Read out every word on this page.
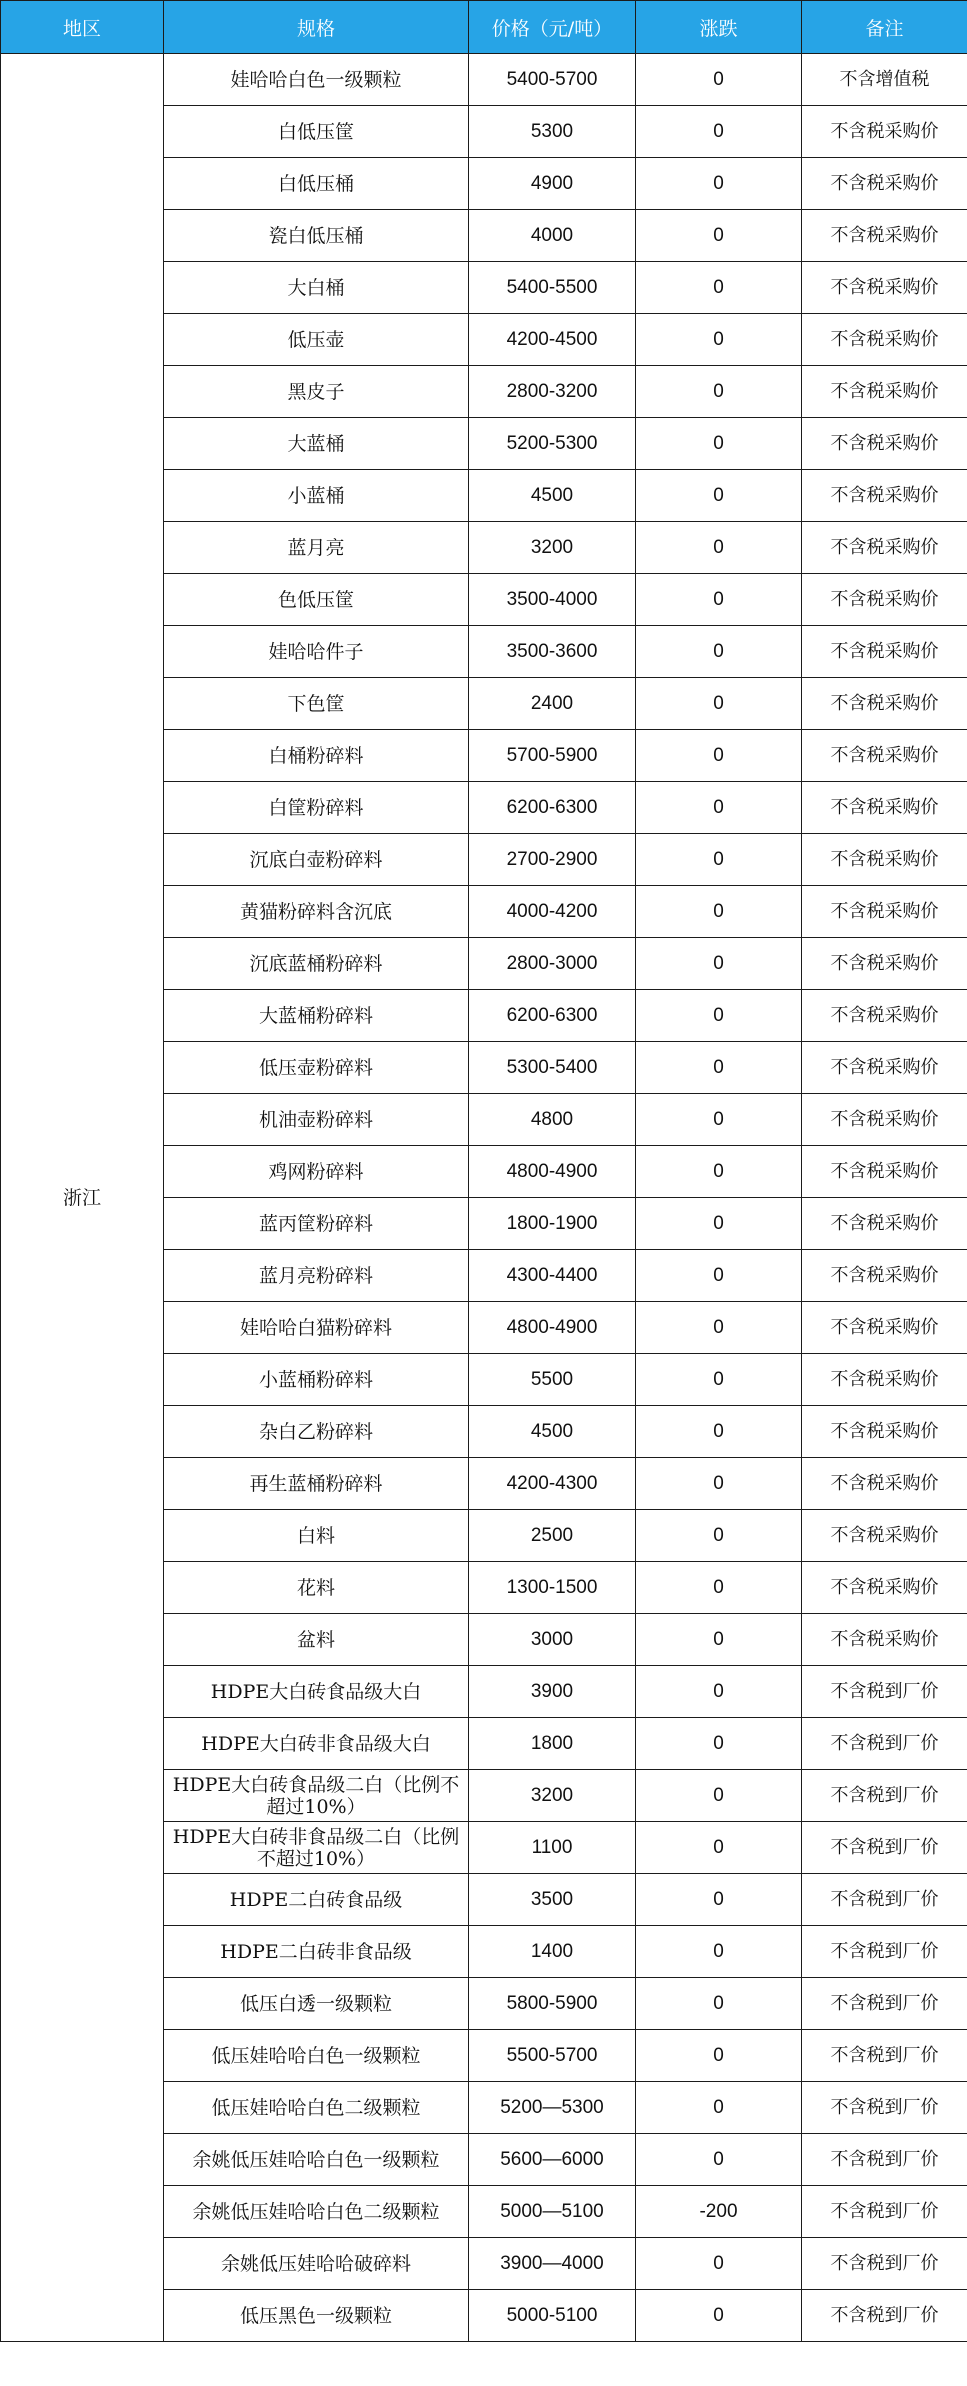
地区	规格	价格（元/吨）	涨跌	备注
浙江	娃哈哈白色一级颗粒	5400-5700	0	不含增值税
	白低压筐	5300	0	不含税采购价
	白低压桶	4900	0	不含税采购价
	瓷白低压桶	4000	0	不含税采购价
	大白桶	5400-5500	0	不含税采购价
	低压壶	4200-4500	0	不含税采购价
	黑皮子	2800-3200	0	不含税采购价
	大蓝桶	5200-5300	0	不含税采购价
	小蓝桶	4500	0	不含税采购价
	蓝月亮	3200	0	不含税采购价
	色低压筐	3500-4000	0	不含税采购价
	娃哈哈件子	3500-3600	0	不含税采购价
	下色筐	2400	0	不含税采购价
	白桶粉碎料	5700-5900	0	不含税采购价
	白筐粉碎料	6200-6300	0	不含税采购价
	沉底白壶粉碎料	2700-2900	0	不含税采购价
	黄猫粉碎料含沉底	4000-4200	0	不含税采购价
	沉底蓝桶粉碎料	2800-3000	0	不含税采购价
	大蓝桶粉碎料	6200-6300	0	不含税采购价
	低压壶粉碎料	5300-5400	0	不含税采购价
	机油壶粉碎料	4800	0	不含税采购价
	鸡网粉碎料	4800-4900	0	不含税采购价
	蓝丙筐粉碎料	1800-1900	0	不含税采购价
	蓝月亮粉碎料	4300-4400	0	不含税采购价
	娃哈哈白猫粉碎料	4800-4900	0	不含税采购价
	小蓝桶粉碎料	5500	0	不含税采购价
	杂白乙粉碎料	4500	0	不含税采购价
	再生蓝桶粉碎料	4200-4300	0	不含税采购价
	白料	2500	0	不含税采购价
	花料	1300-1500	0	不含税采购价
	盆料	3000	0	不含税采购价
	HDPE大白砖食品级大白	3900	0	不含税到厂价
	HDPE大白砖非食品级大白	1800	0	不含税到厂价
	HDPE大白砖食品级二白（比例不超过10%）	3200	0	不含税到厂价
	HDPE大白砖非食品级二白（比例不超过10%）	1100	0	不含税到厂价
	HDPE二白砖食品级	3500	0	不含税到厂价
	HDPE二白砖非食品级	1400	0	不含税到厂价
	低压白透一级颗粒	5800-5900	0	不含税到厂价
	低压娃哈哈白色一级颗粒	5500-5700	0	不含税到厂价
	低压娃哈哈白色二级颗粒	5200—5300	0	不含税到厂价
	余姚低压娃哈哈白色一级颗粒	5600—6000	0	不含税到厂价
	余姚低压娃哈哈白色二级颗粒	5000—5100	-200	不含税到厂价
	余姚低压娃哈哈破碎料	3900—4000	0	不含税到厂价
	低压黑色一级颗粒	5000-5100	0	不含税到厂价
